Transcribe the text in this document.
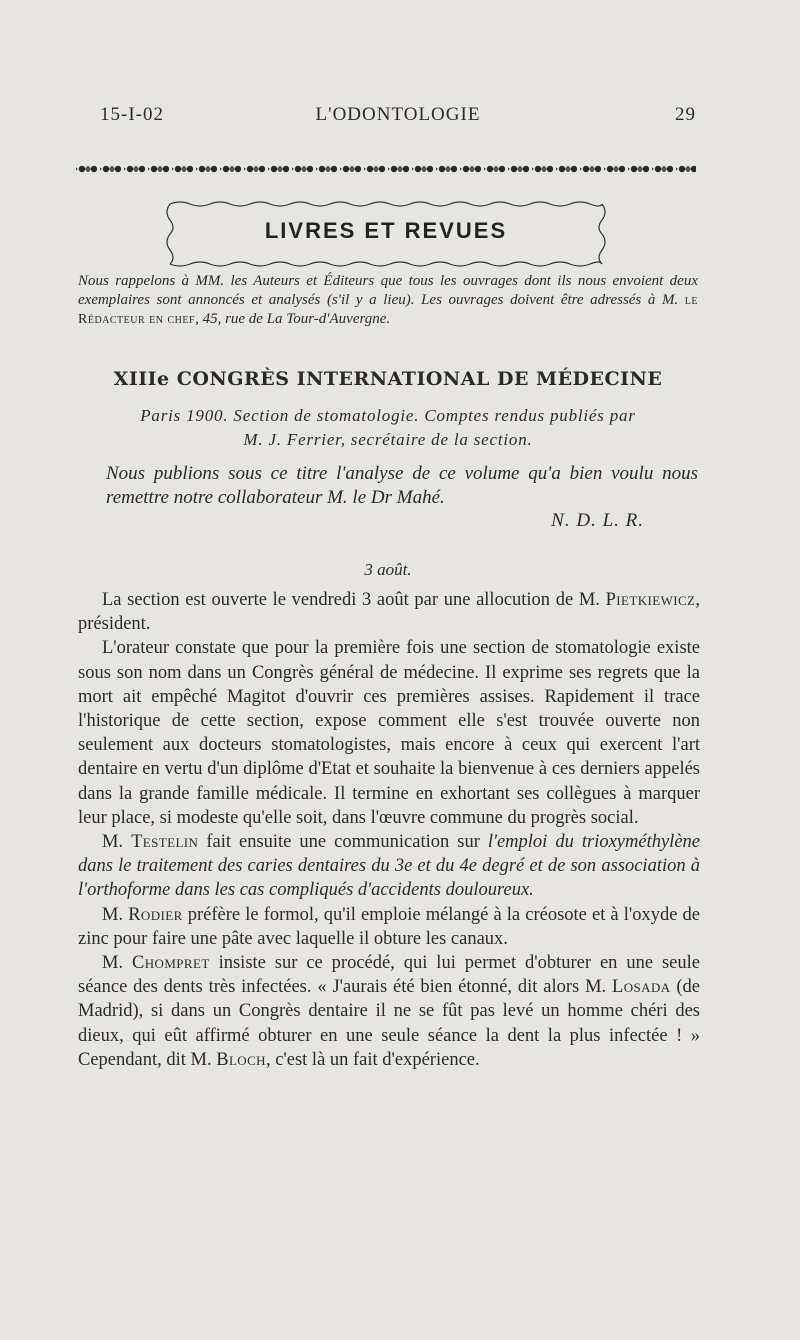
15-I-02	L'ODONTOLOGIE	29
LIVRES ET REVUES
Nous rappelons à MM. les Auteurs et Éditeurs que tous les ouvrages dont ils nous envoient deux exemplaires sont annoncés et analysés (s'il y a lieu). Les ouvrages doivent être adressés à M. le Rédacteur en chef, 45, rue de La Tour-d'Auvergne.
XIIIe CONGRÈS INTERNATIONAL DE MÉDECINE
Paris 1900. Section de stomatologie. Comptes rendus publiés par
M. J. Ferrier, secrétaire de la section.
Nous publions sous ce titre l'analyse de ce volume qu'a bien voulu nous remettre notre collaborateur M. le Dr Mahé.
N. D. L. R.
3 août.

La section est ouverte le vendredi 3 août par une allocution de M. Pietkiewicz, président.

L'orateur constate que pour la première fois une section de stomatologie existe sous son nom dans un Congrès général de médecine. Il exprime ses regrets que la mort ait empêché Magitot d'ouvrir ces premières assises. Rapidement il trace l'historique de cette section, expose comment elle s'est trouvée ouverte non seulement aux docteurs stomatologistes, mais encore à ceux qui exercent l'art dentaire en vertu d'un diplôme d'Etat et souhaite la bienvenue à ces derniers appelés dans la grande famille médicale. Il termine en exhortant ses collègues à marquer leur place, si modeste qu'elle soit, dans l'œuvre commune du progrès social.

M. Testelin fait ensuite une communication sur l'emploi du trioxyméthylène dans le traitement des caries dentaires du 3e et du 4e degré et de son association à l'orthoforme dans les cas compliqués d'accidents douloureux.

M. Rodier préfère le formol, qu'il emploie mélangé à la créosote et à l'oxyde de zinc pour faire une pâte avec laquelle il obture les canaux.

M. Chompret insiste sur ce procédé, qui lui permet d'obturer en une seule séance des dents très infectées. « J'aurais été bien étonné, dit alors M. Losada (de Madrid), si dans un Congrès dentaire il ne se fût pas levé un homme chéri des dieux, qui eût affirmé obturer en une seule séance la dent la plus infectée ! » Cependant, dit M. Bloch, c'est là un fait d'expérience.
